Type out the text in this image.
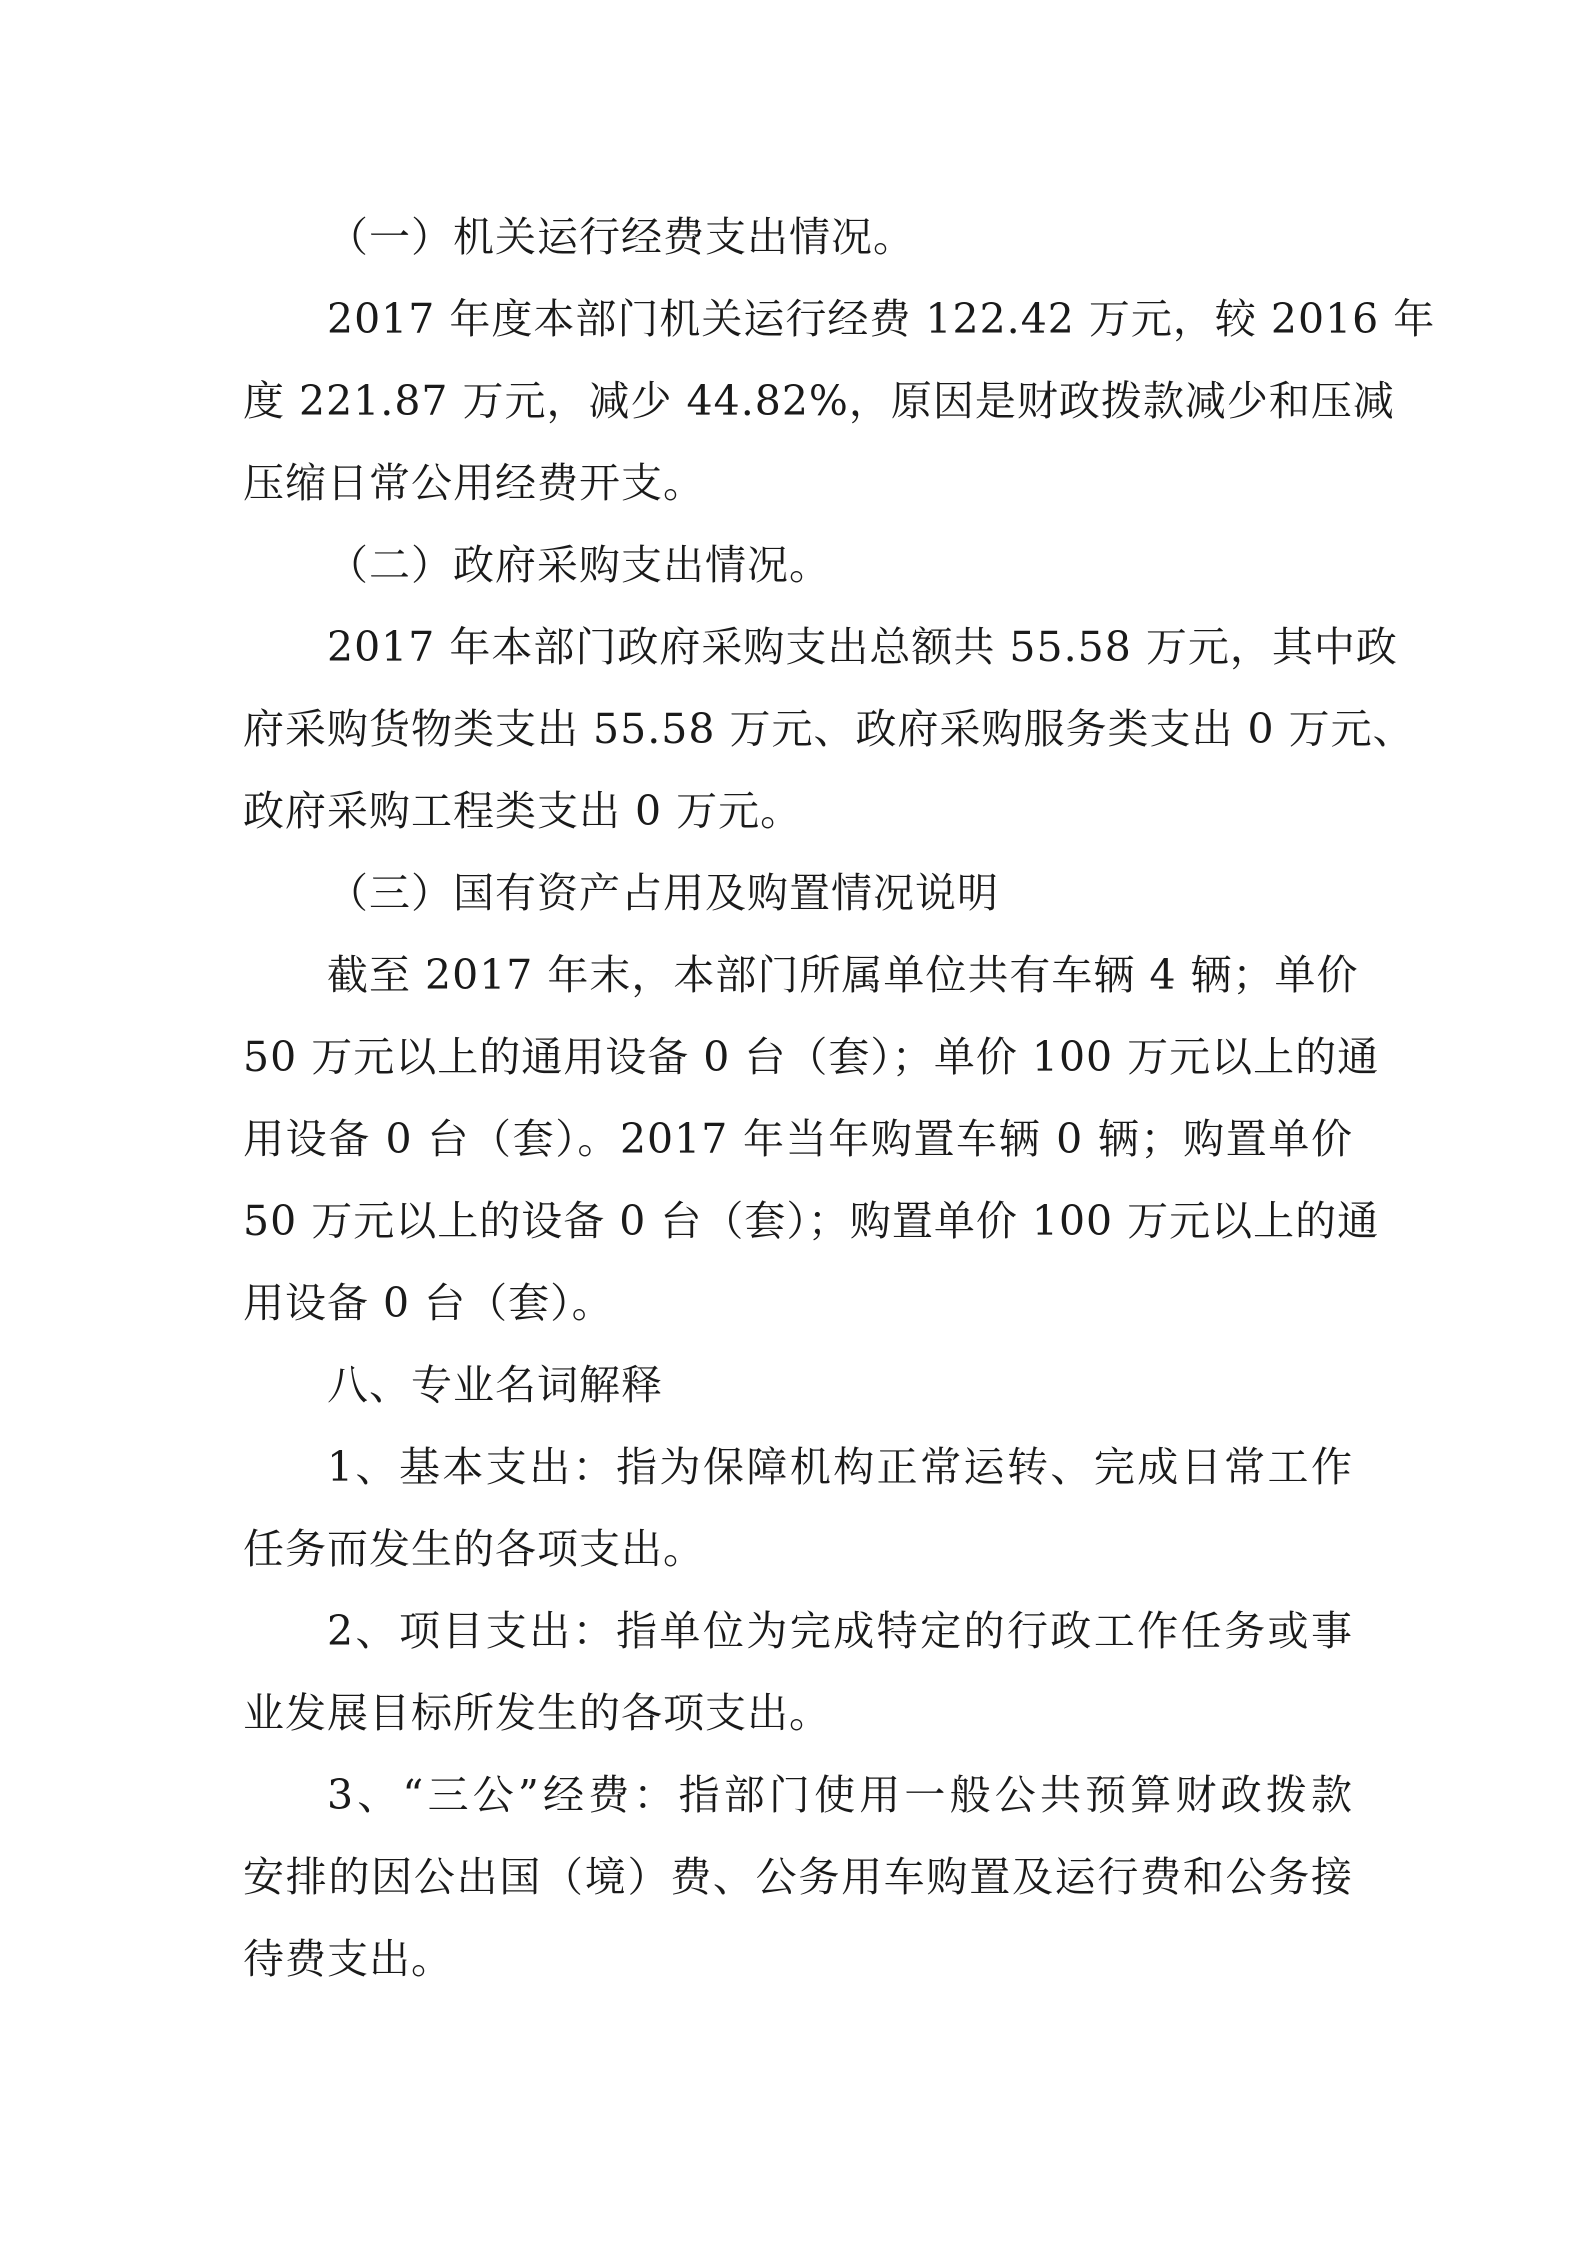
（一）机关运行经费支出情况。
2017 年度本部门机关运行经费 122.42 万元，较 2016 年
度 221.87 万元，减少 44.82%，原因是财政拨款减少和压减
压缩日常公用经费开支。
（二）政府采购支出情况。
2017 年本部门政府采购支出总额共 55.58 万元，其中政
府采购货物类支出 55.58 万元、政府采购服务类支出 0 万元、
政府采购工程类支出 0 万元。
（三）国有资产占用及购置情况说明
截至 2017 年末，本部门所属单位共有车辆 4 辆；单价
50 万元以上的通用设备 0 台（套）；单价 100 万元以上的通
用设备 0 台（套）。2017 年当年购置车辆 0 辆；购置单价
50 万元以上的设备 0 台（套）；购置单价 100 万元以上的通
用设备 0 台（套）。
八、专业名词解释
1、基本支出：指为保障机构正常运转、完成日常工作
任务而发生的各项支出。
2、项目支出：指单位为完成特定的行政工作任务或事
业发展目标所发生的各项支出。
3、“三公”经费：指部门使用一般公共预算财政拨款
安排的因公出国（境）费、公务用车购置及运行费和公务接
待费支出。
